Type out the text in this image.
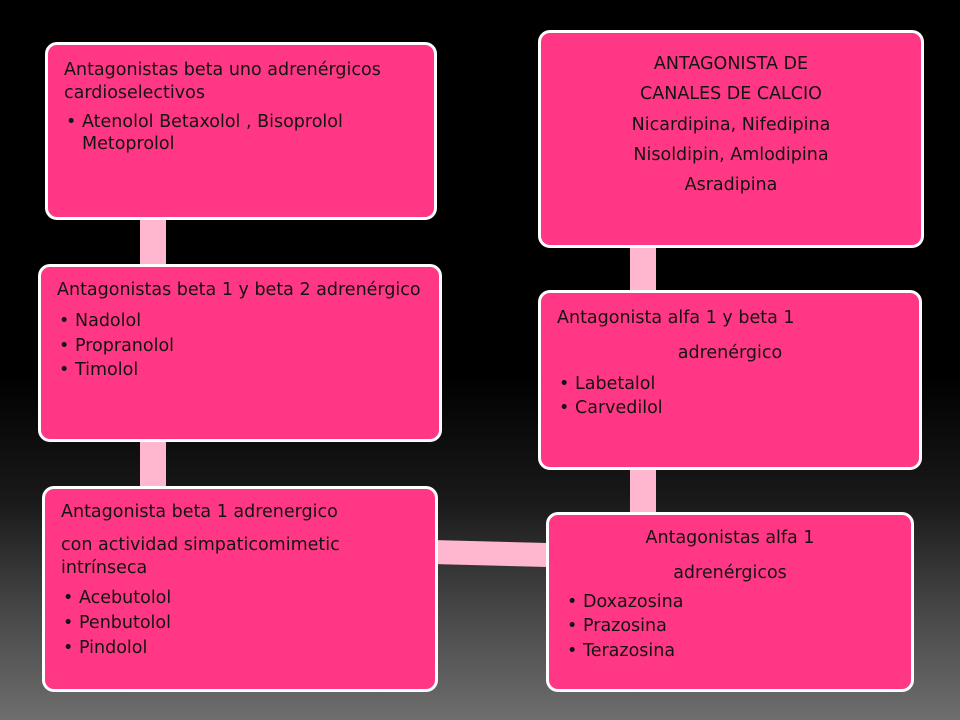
Antagonistas beta uno adrenérgicos cardioselectivos

• Atenolol Betaxolol , Bisoprolol Metoprolol

Antagonistas beta 1 y beta 2 adrenérgico

• Nadolol
• Propranolol
• Timolol

Antagonista beta 1 adrenergico

con actividad simpaticomimetic intrínseca

• Acebutolol
• Penbutolol
• Pindolol
ANTAGONISTA DE
CANALES DE CALCIO
Nicardipina, Nifedipina
Nisoldipin, Amlodipina
Asradipina

Antagonista alfa 1 y beta 1

adrenérgico

• Labetalol
• Carvedilol

Antagonistas alfa 1

adrenérgicos

• Doxazosina
• Prazosina
• Terazosina
